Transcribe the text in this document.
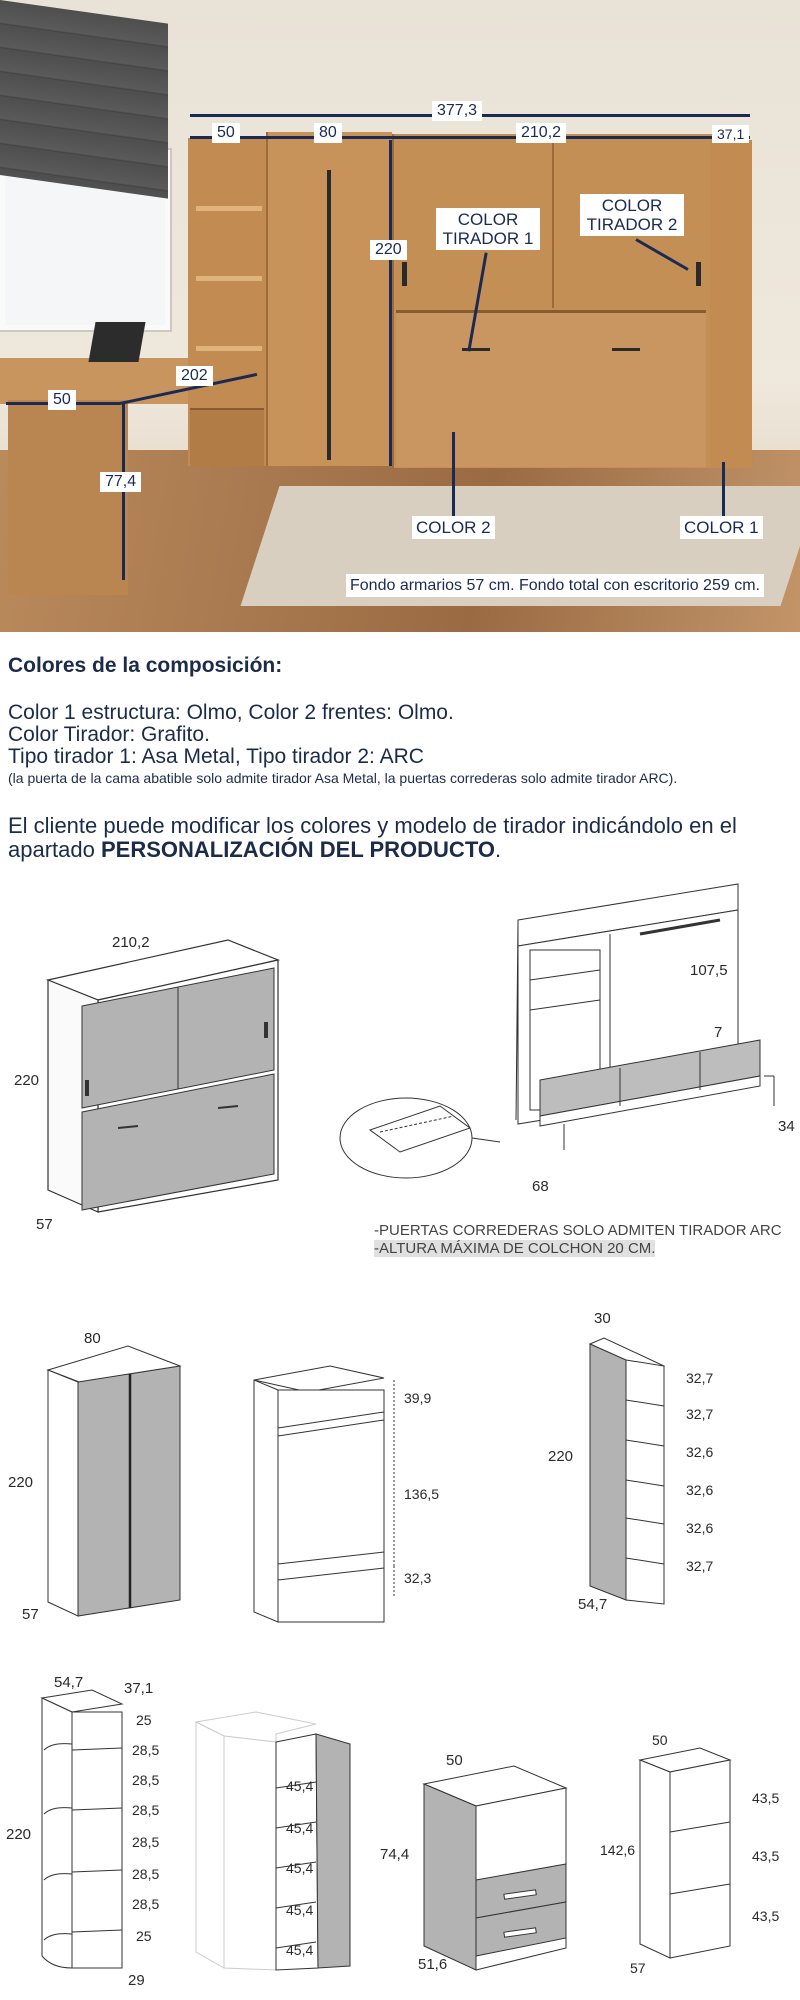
377,3
50	80	210,2	37,1
220
202
50
77,4
COLOR TIRADOR 1
COLOR TIRADOR 2
COLOR 2	COLOR 1
Fondo armarios 57 cm. Fondo total con escritorio 259 cm.
Colores de la composición:
Color 1 estructura: Olmo, Color 2 frentes: Olmo.
Color Tirador: Grafito.
Tipo tirador 1: Asa Metal, Tipo tirador 2: ARC
(la puerta de la cama abatible solo admite tirador Asa Metal, la puertas correderas solo admite tirador ARC).
El cliente puede modificar los colores y modelo de tirador indicándolo en el apartado PERSONALIZACIÓN DEL PRODUCTO.
210,2
220
57
107,5
7
34
68
-PUERTAS CORREDERAS SOLO ADMITEN TIRADOR ARC
-ALTURA MÁXIMA DE COLCHON 20 CM.
80
220
57
39,9
136,5
32,3
30
220
54,7
32,7
32,7
32,6
32,6
32,6
32,7
54,7	37,1
220
29
25
28,5
28,5
28,5
28,5
28,5
28,5
25
45,4
45,4
45,4
45,4
45,4
50
74,4
51,6
50
142,6
57
43,5
43,5
43,5
